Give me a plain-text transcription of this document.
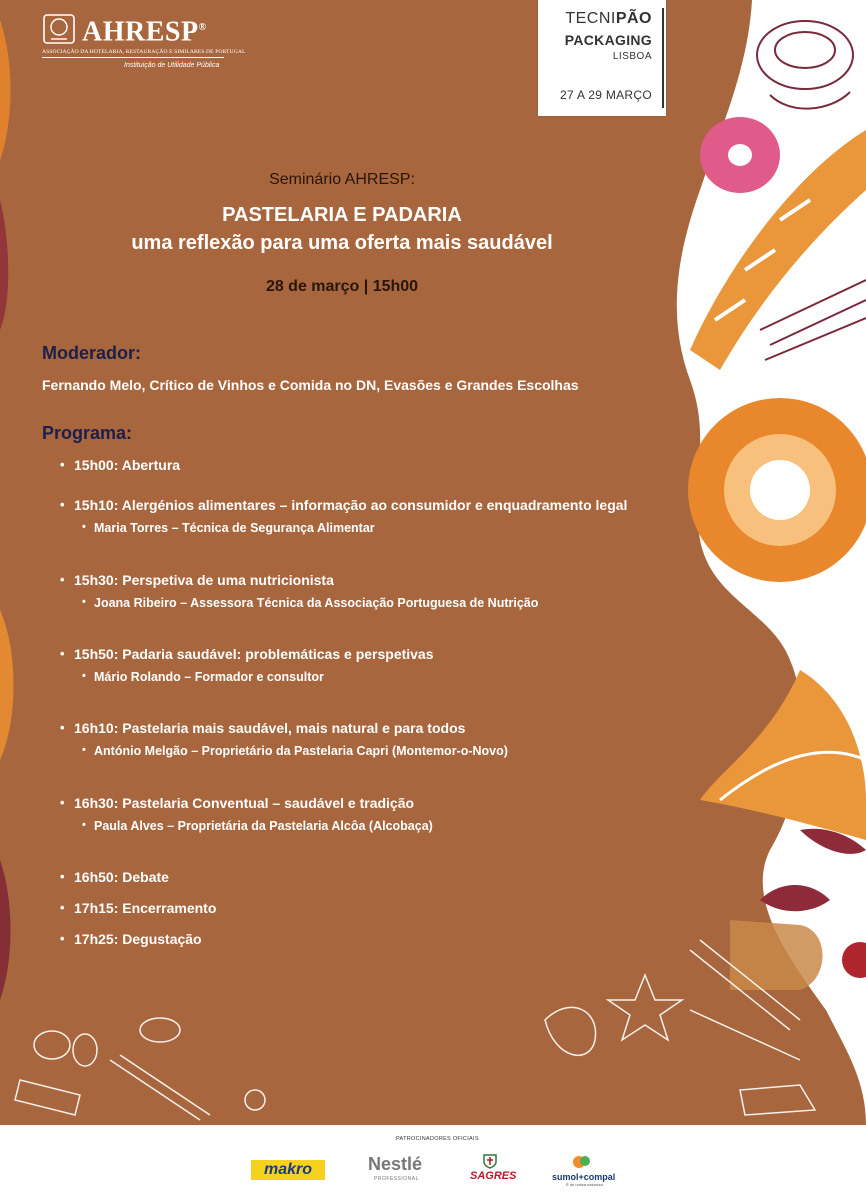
AHRESP®
ASSOCIAÇÃO DA HOTELARIA, RESTAURAÇÃO E SIMILARES DE PORTUGAL
Instituição de Utilidade Pública
TECNIPÃO
PACKAGING
LISBOA
27 A 29 MARÇO
Seminário AHRESP:
PASTELARIA E PADARIA
uma reflexão para uma oferta mais saudável
28 de março | 15h00
Moderador:
Fernando Melo, Crítico de Vinhos e Comida no DN, Evasões e Grandes Escolhas
Programa:
15h00: Abertura
15h10: Alergénios alimentares – informação ao consumidor e enquadramento legal
Maria Torres – Técnica de Segurança Alimentar
15h30: Perspetiva de uma nutricionista
Joana Ribeiro – Assessora Técnica da Associação Portuguesa de Nutrição
15h50: Padaria saudável: problemáticas e perspetivas
Mário Rolando – Formador e consultor
16h10: Pastelaria mais saudável, mais natural e para todos
António Melgão – Proprietário da Pastelaria Capri (Montemor-o-Novo)
16h30: Pastelaria Conventual – saudável e tradição
Paula Alves – Proprietária da Pastelaria Alcôa (Alcobaça)
16h50: Debate
17h15: Encerramento
17h25: Degustação
PATROCINADORES OFICIAIS
makro	Nestlé
PROFESSIONAL	SAGRES	sumol+compal
É de nossa natureza.
